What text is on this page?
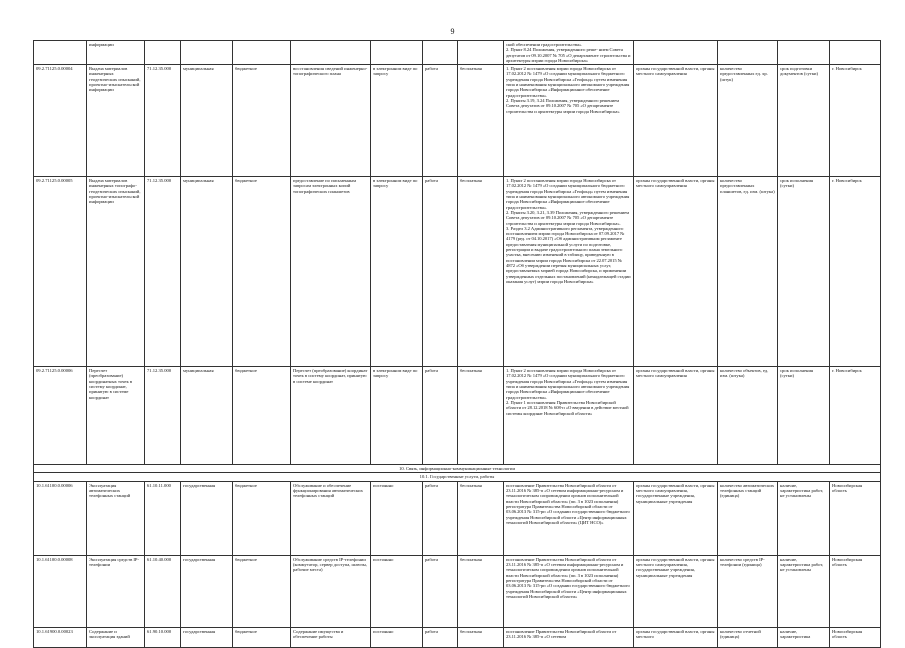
9
	информации								ской обеспечении градостроительства».
2. Пункт 8.24 Положения, утвержденного реше- нием Совета депутатов от 09.10.2007 № 705 «О департаменте строительства и архитектуры мэрии города Новосибирска»				
09.2.71125.0.00004	Выдача материалов инженерных геодезических изысканий, проектно-изыскательской информации	71.12.35.000	муниципальная	бюджетное	восстановления сведений инженерно-топографического плана	в электронном виде по запросу	работа	бесплатная	1. Пункт 2 постановления мэрии города Новосибирска от 17.02.2012 № 1479 «О создании муниципального бюджетного учреждения города Новосибирска «Геофонд» путем изменения типа и наименования муниципального автономного учреждения города Новосибирска «Информационное обеспечение градостроительства».
2. Пункты 3.19, 3.24 Положения, утвержденного решением Совета депутатов от 09.10.2007 № 705 «О департаменте строительства и архитектуры мэрии города Новосибирска»	органы государственной власти, органы местного самоуправления	количество предоставленных ед. хр. (штук)	срок подготовки документов (сутки)	г. Новосибирск
09.2.71125.0.00005	Выдача материалов инженерных топографо-геодезических изысканий, проектно-изыскательской информации	71.12.35.000	муниципальная	бюджетное	предоставление по письменным запросам электронных копий топографических планшетов	в электронном виде по запросу	работа	бесплатная	1. Пункт 2 постановления мэрии города Новосибирска от 17.02.2012 № 1479 «О создании муниципального бюджетного учреждения города Новосибирска «Геофонд» путем изменения типа и наименования муниципального автономного учреждения города Новосибирска «Информационное обеспечение градостроительства».
2. Пункты 3.20, 3.21, 3.39 Положения, утвержденного решением Совета депутатов от 09.10.2007 № 705 «О департаменте строительства и архитектуры мэрии города Новосибирска».
3. Раздел 3.2 Административного регламента, утвержденного постановлением мэрии города Новосибирска от 07.09.2017 № 4179 (ред. от 04.10.2017) «Об административном регламенте предоставления муниципальной услуги по подготовке, регистрации и выдаче градостроительного плана земельного участка, внесению изменений в таблицу, приведенную в постановлении мэрии города Новосибирска от 22.07.2015 № 4872 «Об утверждении перечня муниципальных услуг, предоставляемых мэрией города Новосибирска, и применении утвержденных отдельных постановлений (ненадлежащей стадии оказания услуг) мэрии города Новосибирска»	органы государственной власти, органы местного самоуправления	количество предоставленных планшетов, ед. изм. (штука)	срок исполнения (сутки)	г. Новосибирск
09.2.71125.0.00006	Пересчет (преобразование) координатных точек в систему координат, принятую в системе координат	71.12.35.000	муниципальная	бюджетное	Пересчет (преобразование) координат точек в систему координат, принятую в системе координат	в электронном виде по запросу	работа	бесплатная	1. Пункт 2 постановления мэрии города Новосибирска от 17.02.2012 № 1479 «О создании муниципального бюджетного учреждения города Новосибирска «Геофонд» путем изменения типа и наименования муниципального автономного учреждения города Новосибирска «Информационное обеспечение градостроительства».
2. Пункт 1 постановления Правительства Новосибирской области от 28.12.2018 № 608-п «О введении в действие местной системы координат Новосибирской области»	органы государственной власти, органы местного самоуправления	количество объектов, ед. изм. (штука)	срок исполнения (сутки)	г. Новосибирск
10. Связь, информационно-коммуникационные технологии													
10.1. Государственные услуги, работы													
10.1.61100.0.00006	Эксплуатация автоматических телефонных станций	61.10.11.000	государственная	бюджетное	Обслуживание и обеспечение функционирования автоматических телефонных станций	постоянно	работа	бесплатная	постановление Правительства Новосибирской области от 23.11.2016 № 385-п «О сетевом информационно-ресурсном и технологическом сопровождении органов исполнительной власти Новосибирской области» (пп. 3 в 1023 исполнения) регистратура Правительства Новосибирской области от 03.06.2013 № 315-рп «О создании государственного бюджетного учреждения Новосибирской области «Центр информационных технологий Новосибирской области» (ЦИТ НСО)»	органы государственной власти, органы местного самоуправления, государственные учреждения, муниципальные учреждения	количество автоматических телефонных станций (единица)	наличие, характеристика работ, не установлены	Новосибирская область
10.1.61100.0.00008	Эксплуатация средств IP-телефонии	61.10.40.000	государственная	бюджетное	Обслуживание средств IP-телефонии (коммутатор, сервер доступа, шлюзы, рабочие места)	постоянно	работа	бесплатная	постановление Правительства Новосибирской области от 23.11.2016 № 385-п «О сетевом информационно-ресурсном и технологическом сопровождении органов исполнительной власти Новосибирской области» (пп. 3 в 1023 исполнения) регистратура Правительства Новосибирской области от 03.06.2013 № 315-рп «О создании государственного бюджетного учреждения Новосибирской области «Центр информационных технологий Новосибирской области»	органы государственной власти, органы местного самоуправления, государственные учреждения, муниципальные учреждения	количество средств IP-телефонии (единица)	наличие, характеристика работ, не установлены	Новосибирская область
10.1.61900.0.00023	Содержание и эксплуатация зданий	61.90.10.000	государственная	бюджетное	Содержание имущества и обеспечение работы	постоянно	работа	бесплатная	постановление Правительства Новосибирской области от 23.11.2016 № 385-п «О сетевом	органы государственной власти, органы местного	количество отчетной (единица)	наличие, характеристика	Новосибирская область
